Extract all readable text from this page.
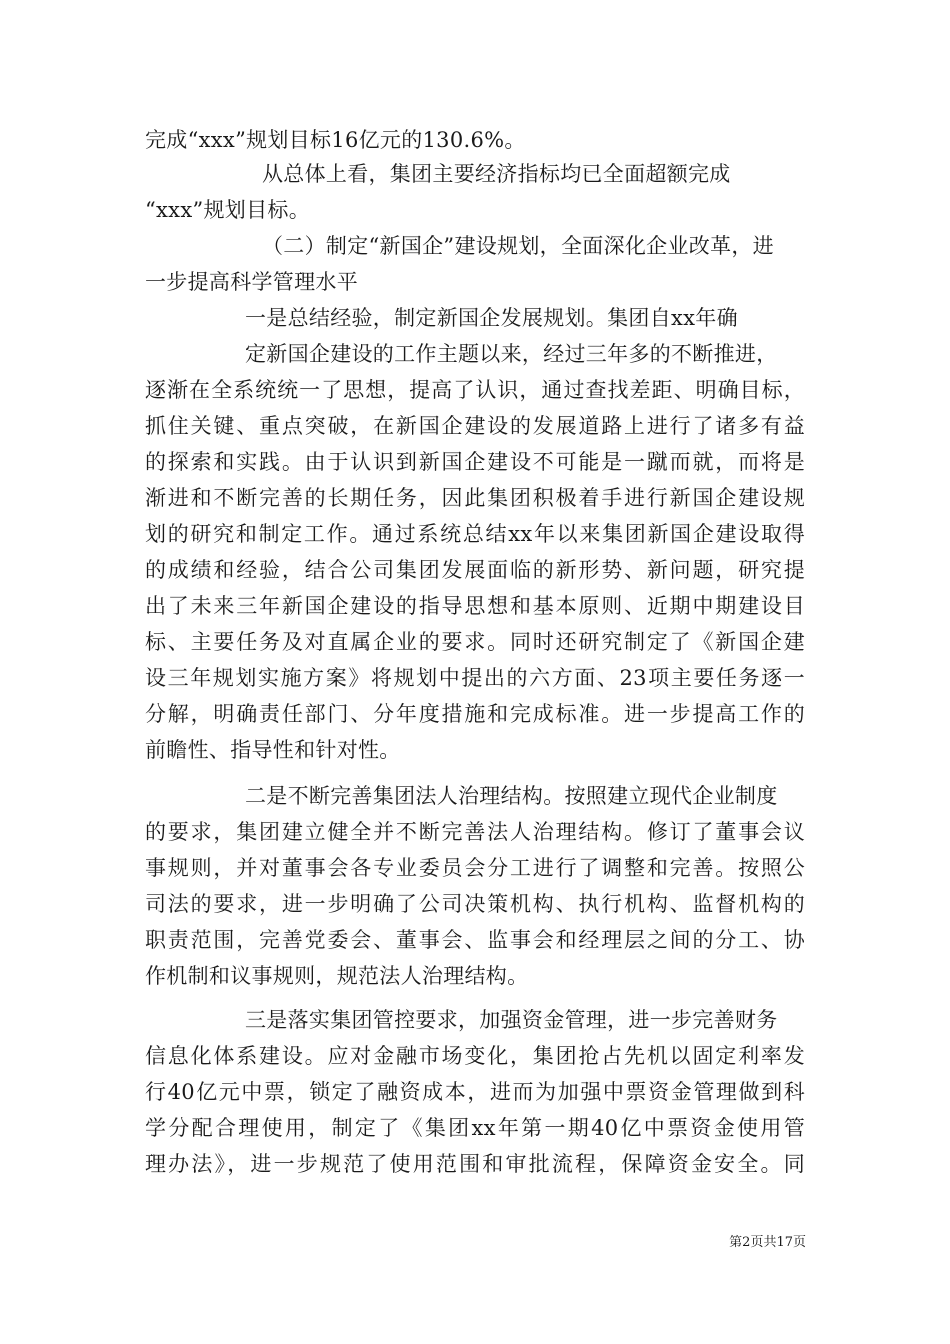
完成“xxx”规划目标16亿元的130.6%。
从总体上看，集团主要经济指标均已全面超额完成
“xxx”规划目标。
（二）制定“新国企”建设规划，全面深化企业改革，进
一步提高科学管理水平
一是总结经验，制定新国企发展规划。集团自xx年确
定新国企建设的工作主题以来，经过三年多的不断推进，
逐渐在全系统统一了思想，提高了认识，通过查找差距、明确目标，
抓住关键、重点突破，在新国企建设的发展道路上进行了诸多有益
的探索和实践。由于认识到新国企建设不可能是一蹴而就，而将是
渐进和不断完善的长期任务，因此集团积极着手进行新国企建设规
划的研究和制定工作。通过系统总结xx年以来集团新国企建设取得
的成绩和经验，结合公司集团发展面临的新形势、新问题，研究提
出了未来三年新国企建设的指导思想和基本原则、近期中期建设目
标、主要任务及对直属企业的要求。同时还研究制定了《新国企建
设三年规划实施方案》将规划中提出的六方面、23项主要任务逐一
分解，明确责任部门、分年度措施和完成标准。进一步提高工作的
前瞻性、指导性和针对性。
二是不断完善集团法人治理结构。按照建立现代企业制度
的要求，集团建立健全并不断完善法人治理结构。修订了董事会议
事规则，并对董事会各专业委员会分工进行了调整和完善。按照公
司法的要求，进一步明确了公司决策机构、执行机构、监督机构的
职责范围，完善党委会、董事会、监事会和经理层之间的分工、协
作机制和议事规则，规范法人治理结构。
三是落实集团管控要求，加强资金管理，进一步完善财务
信息化体系建设。应对金融市场变化，集团抢占先机以固定利率发
行40亿元中票，锁定了融资成本，进而为加强中票资金管理做到科
学分配合理使用，制定了《集团xx年第一期40亿中票资金使用管
理办法》，进一步规范了使用范围和审批流程，保障资金安全。同
第2页共17页
